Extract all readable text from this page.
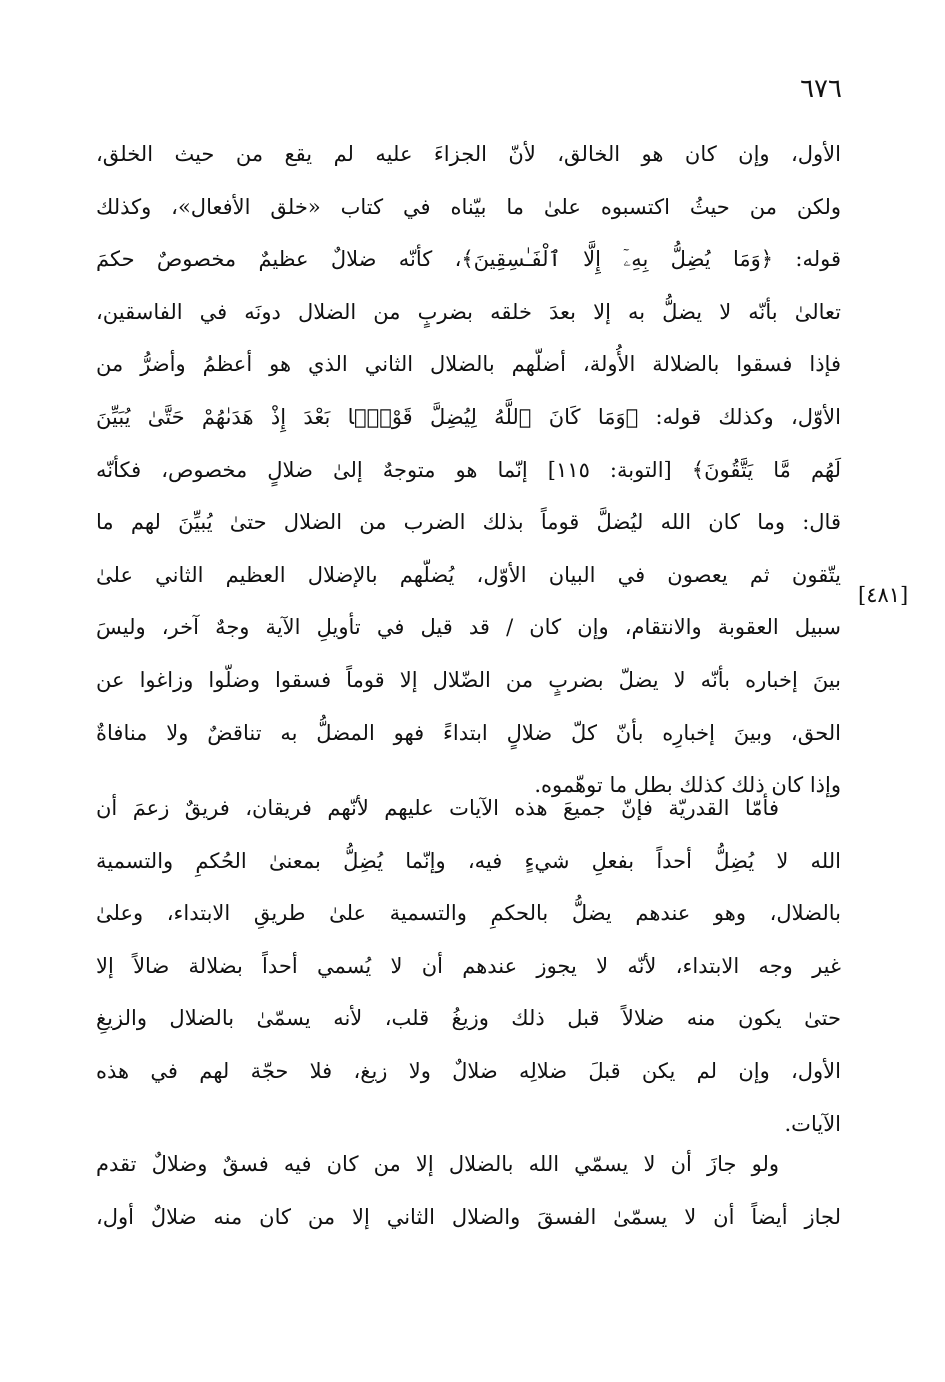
٦٧٦
[٤٨١]
الأول، وإن كان هو الخالق، لأنّ الجزاءَ عليه لم يقع من حيث الخلق،
ولكن من حيثُ اكتسبوه علىٰ ما بيّناه في كتاب «خلق الأفعال»، وكذلك
قوله: ﴿وَمَا يُضِلُّ بِهِۦٓ إِلَّا ٱلْفَـٰسِقِينَ﴾، كأنّه ضلالٌ عظيمٌ مخصوصٌ حكمَ
تعالىٰ بأنّه لا يضلُّ به إلا بعدَ خلقه بضربٍ من الضلال دونَه في الفاسقين،
فإذا فسقوا بالضلالة الأُولة، أضلّهم بالضلال الثاني الذي هو أعظمُ وأضرُّ من
الأوّل، وكذلك قوله: ﴿وَمَا كَانَ ٱللَّهُ لِيُضِلَّ قَوْمًۢا بَعْدَ إِذْ هَدَىٰهُمْ حَتَّىٰ يُبَيِّنَ
لَهُم مَّا يَتَّقُونَ﴾ [التوبة: ١١٥] إنّما هو متوجهٌ إلىٰ ضلالٍ مخصوص، فكأنّه
قال: وما كان الله ليُضلَّ قوماً بذلك الضرب من الضلال حتىٰ يُبيِّنَ لهم ما
يتّقون ثم يعصون في البيان الأوّل، يُضلّهم بالإضلال العظيم الثاني علىٰ
سبيل العقوبة والانتقام، وإن كان / قد قيل في تأويلِ الآية وجهٌ آخر، وليسَ
بينَ إخباره بأنّه لا يضلّ بضربٍ من الضّلال إلا قوماً فسقوا وضلّوا وزاغوا عن
الحق، وبينَ إخبارِه بأنّ كلّ ضلالٍ ابتداءً فهو المضلُّ به تناقضٌ ولا منافاةٌ
وإذا كان ذلك كذلك بطل ما توهّموه.
فأمّا القدريّة فإنّ جميعَ هذه الآيات عليهم لأنّهم فريقان، فريقٌ زعمَ أن
الله لا يُضِلُّ أحداً بفعلِ شيءٍ فيه، وإنّما يُضِلُّ بمعنىٰ الحُكمِ والتسمية
بالضلال، وهو عندهم يضلُّ بالحكمِ والتسمية علىٰ طريقِ الابتداء، وعلىٰ
غير وجه الابتداء، لأنّه لا يجوز عندهم أن لا يُسمي أحداً بضلالة ضالاً إلا
حتىٰ يكون منه ضلالاً قبل ذلك وزيغُ قلب، لأنه يسمّىٰ بالضلال والزيغِ
الأول، وإن لم يكن قبلَ ضلالِه ضلالٌ ولا زيغ، فلا حجّة لهم في هذه
الآيات.
ولو جازَ أن لا يسمّي الله بالضلال إلا من كان فيه فسقٌ وضلالٌ تقدم
لجاز أيضاً أن لا يسمّىٰ الفسقَ والضلال الثاني إلا من كان منه ضلالٌ أول،
